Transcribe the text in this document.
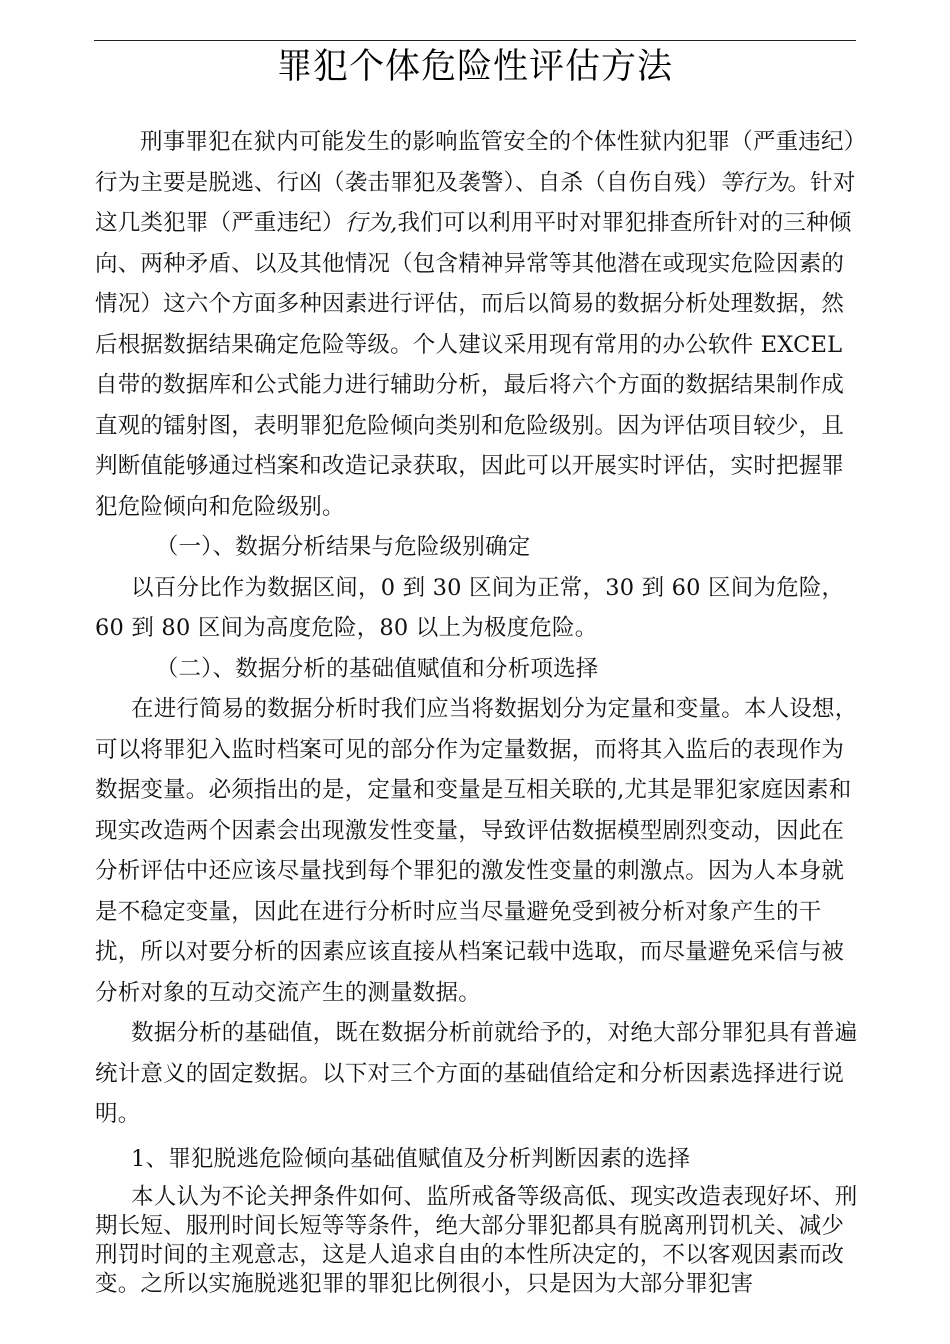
罪犯个体危险性评估方法

刑事罪犯在狱内可能发生的影响监管安全的个体性狱内犯罪（严重违纪）行为主要是脱逃、行凶（袭击罪犯及袭警）、自杀（自伤自残）等行为。针对这几类犯罪（严重违纪）行为,我们可以利用平时对罪犯排查所针对的三种倾向、两种矛盾、以及其他情况（包含精神异常等其他潜在或现实危险因素的情况）这六个方面多种因素进行评估，而后以简易的数据分析处理数据，然后根据数据结果确定危险等级。个人建议采用现有常用的办公软件 EXCEL 自带的数据库和公式能力进行辅助分析，最后将六个方面的数据结果制作成直观的镭射图，表明罪犯危险倾向类别和危险级别。因为评估项目较少，且判断值能够通过档案和改造记录获取，因此可以开展实时评估，实时把握罪犯危险倾向和危险级别。

（一）、数据分析结果与危险级别确定

以百分比作为数据区间，0 到 30 区间为正常，30 到 60 区间为危险，60 到 80 区间为高度危险，80 以上为极度危险。

（二）、数据分析的基础值赋值和分析项选择

在进行简易的数据分析时我们应当将数据划分为定量和变量。本人设想，可以将罪犯入监时档案可见的部分作为定量数据，而将其入监后的表现作为数据变量。必须指出的是，定量和变量是互相关联的,尤其是罪犯家庭因素和现实改造两个因素会出现激发性变量，导致评估数据模型剧烈变动，因此在分析评估中还应该尽量找到每个罪犯的激发性变量的刺激点。因为人本身就是不稳定变量，因此在进行分析时应当尽量避免受到被分析对象产生的干扰，所以对要分析的因素应该直接从档案记载中选取，而尽量避免采信与被分析对象的互动交流产生的测量数据。

数据分析的基础值，既在数据分析前就给予的，对绝大部分罪犯具有普遍统计意义的固定数据。以下对三个方面的基础值给定和分析因素选择进行说明。

1、罪犯脱逃危险倾向基础值赋值及分析判断因素的选择

本人认为不论关押条件如何、监所戒备等级高低、现实改造表现好坏、刑期长短、服刑时间长短等等条件，绝大部分罪犯都具有脱离刑罚机关、减少刑罚时间的主观意志，这是人追求自由的本性所决定的，不以客观因素而改变。之所以实施脱逃犯罪的罪犯比例很小，只是因为大部分罪犯害
